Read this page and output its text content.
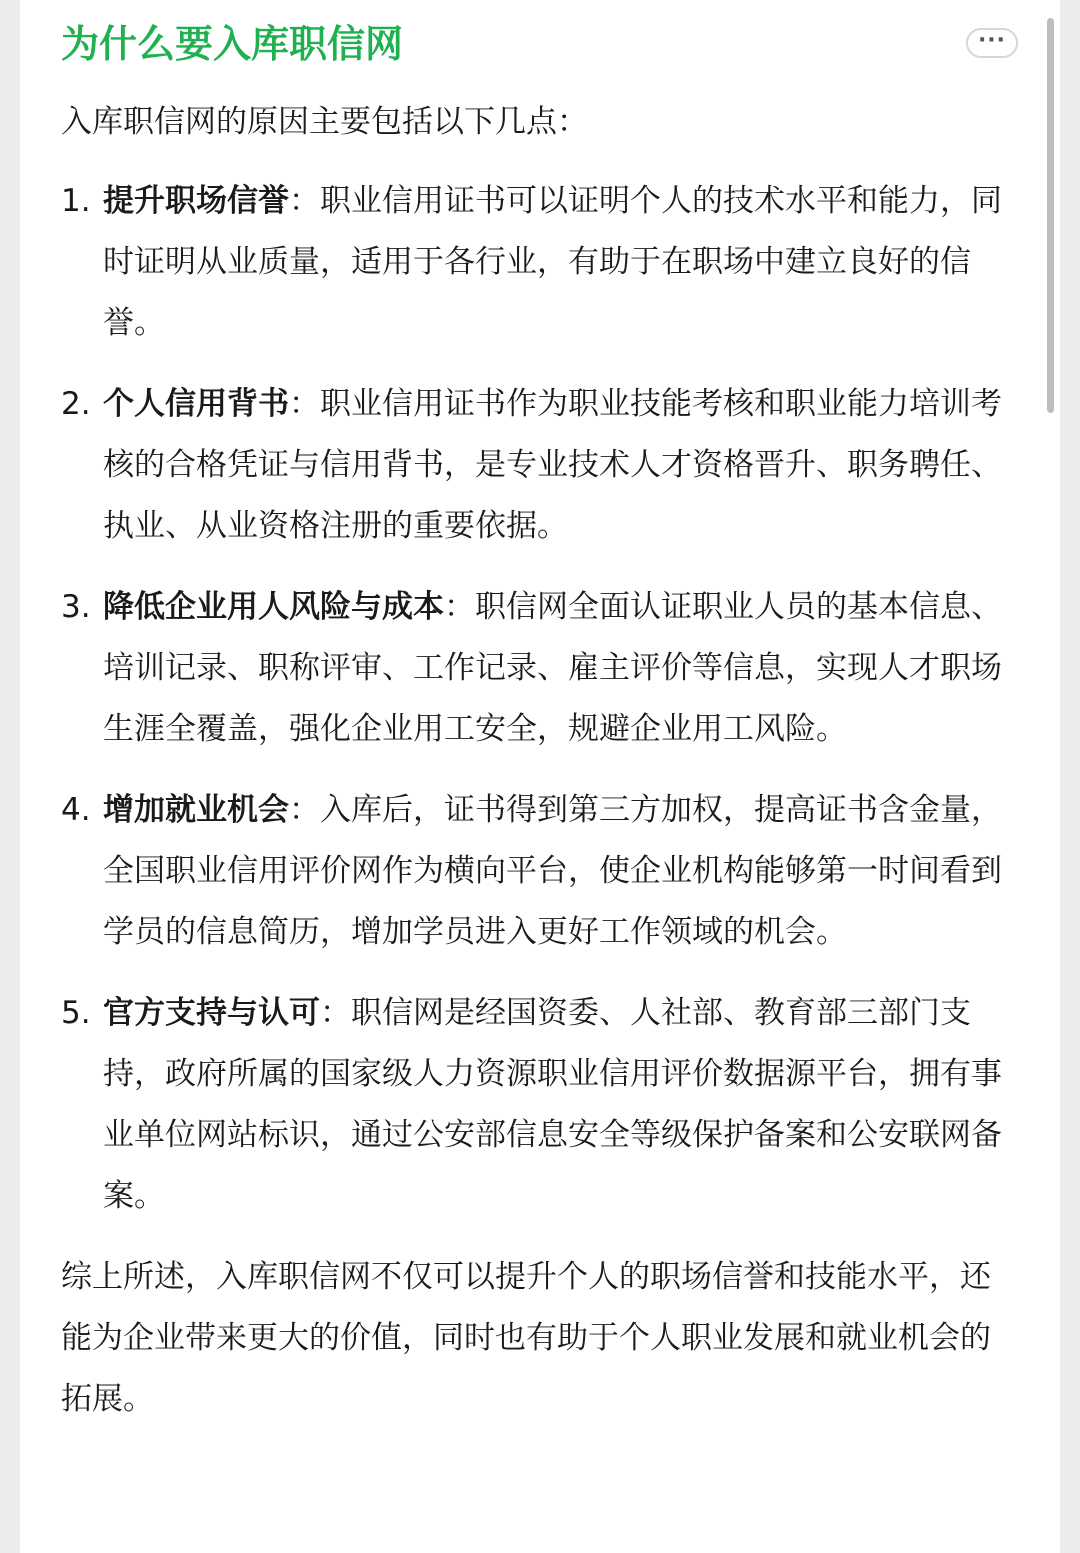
为什么要入库职信网	···

入库职信网的原因主要包括以下几点：

1. 提升职场信誉：职业信用证书可以证明个人的技术水平和能力，同时证明从业质量，适用于各行业，有助于在职场中建立良好的信誉。
2. 个人信用背书：职业信用证书作为职业技能考核和职业能力培训考核的合格凭证与信用背书，是专业技术人才资格晋升、职务聘任、执业、从业资格注册的重要依据。
3. 降低企业用人风险与成本：职信网全面认证职业人员的基本信息、培训记录、职称评审、工作记录、雇主评价等信息，实现人才职场生涯全覆盖，强化企业用工安全，规避企业用工风险。
4. 增加就业机会：入库后，证书得到第三方加权，提高证书含金量，全国职业信用评价网作为横向平台，使企业机构能够第一时间看到学员的信息简历，增加学员进入更好工作领域的机会。
5. 官方支持与认可：职信网是经国资委、人社部、教育部三部门支持，政府所属的国家级人力资源职业信用评价数据源平台，拥有事业单位网站标识，通过公安部信息安全等级保护备案和公安联网备案。

综上所述，入库职信网不仅可以提升个人的职场信誉和技能水平，还能为企业带来更大的价值，同时也有助于个人职业发展和就业机会的拓展。
